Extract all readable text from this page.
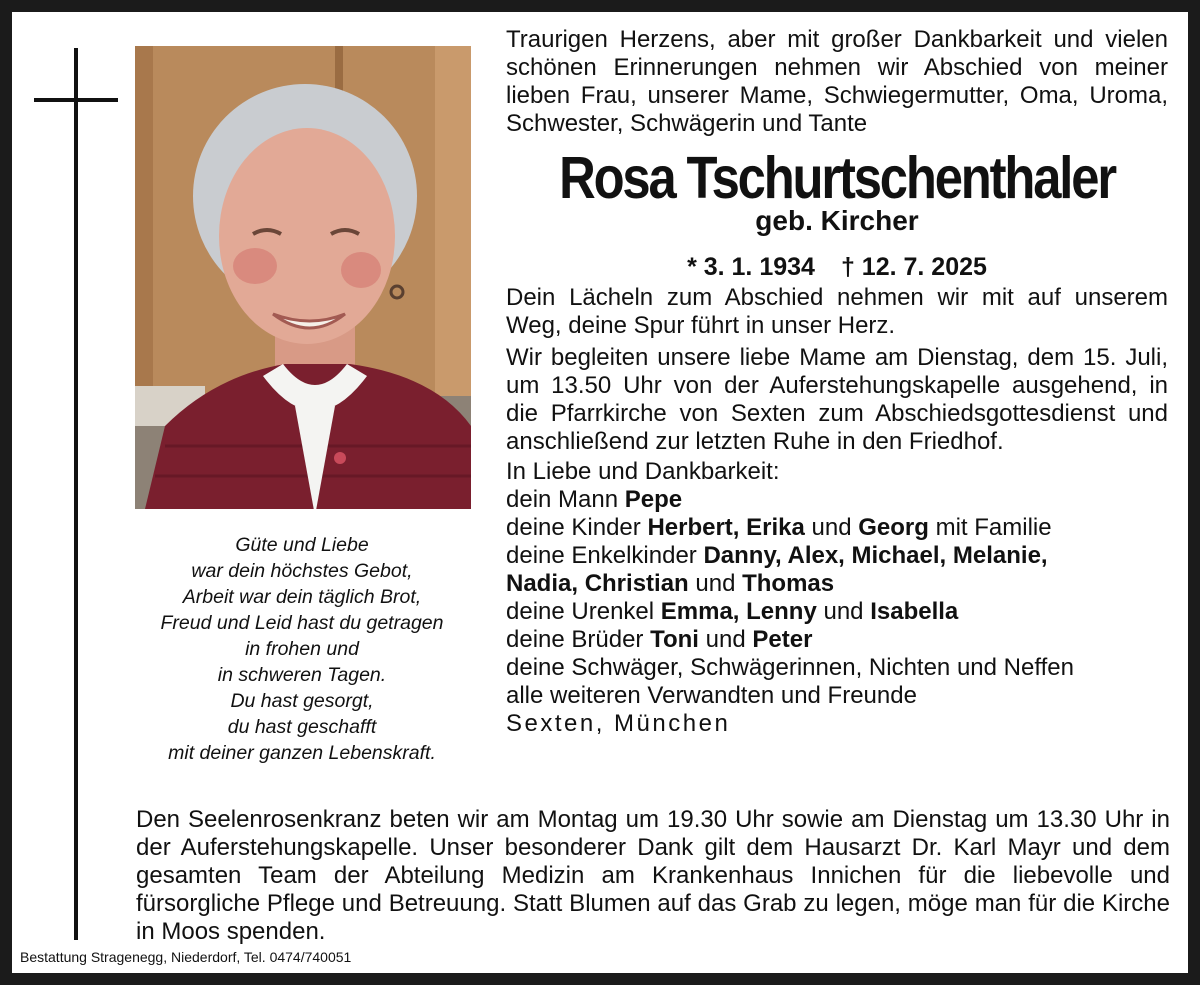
Güte und Liebe
war dein höchstes Gebot,
Arbeit war dein täglich Brot,
Freud und Leid hast du getragen
in frohen und
in schweren Tagen.
Du hast gesorgt,
du hast geschafft
mit deiner ganzen Lebenskraft.
Traurigen Herzens, aber mit großer Dankbarkeit und vielen schönen Erinnerungen nehmen wir Abschied von meiner lieben Frau, unserer Mame, Schwiegermutter, Oma, Uroma, Schwester, Schwägerin und Tante
Rosa Tschurtschenthaler
geb. Kircher
* 3. 1. 1934 † 12. 7. 2025
Dein Lächeln zum Abschied nehmen wir mit auf unserem Weg, deine Spur führt in unser Herz.
Wir begleiten unsere liebe Mame am Dienstag, dem 15. Juli, um 13.50 Uhr von der Auferstehungskapelle ausgehend, in die Pfarrkirche von Sexten zum Abschiedsgottesdienst und anschließend zur letzten Ruhe in den Friedhof.
In Liebe und Dankbarkeit:
dein Mann Pepe
deine Kinder Herbert, Erika und Georg mit Familie
deine Enkelkinder Danny, Alex, Michael, Melanie,
Nadia, Christian und Thomas
deine Urenkel Emma, Lenny und Isabella
deine Brüder Toni und Peter
deine Schwäger, Schwägerinnen, Nichten und Neffen
alle weiteren Verwandten und Freunde
Sexten, München
Den Seelenrosenkranz beten wir am Montag um 19.30 Uhr sowie am Dienstag um 13.30 Uhr in der Auferstehungskapelle. Unser besonderer Dank gilt dem Hausarzt Dr. Karl Mayr und dem gesamten Team der Abteilung Medizin am Krankenhaus Innichen für die liebevolle und fürsorgliche Pflege und Betreuung. Statt Blumen auf das Grab zu legen, möge man für die Kirche in Moos spenden.
Bestattung Stragenegg, Niederdorf, Tel. 0474/740051
